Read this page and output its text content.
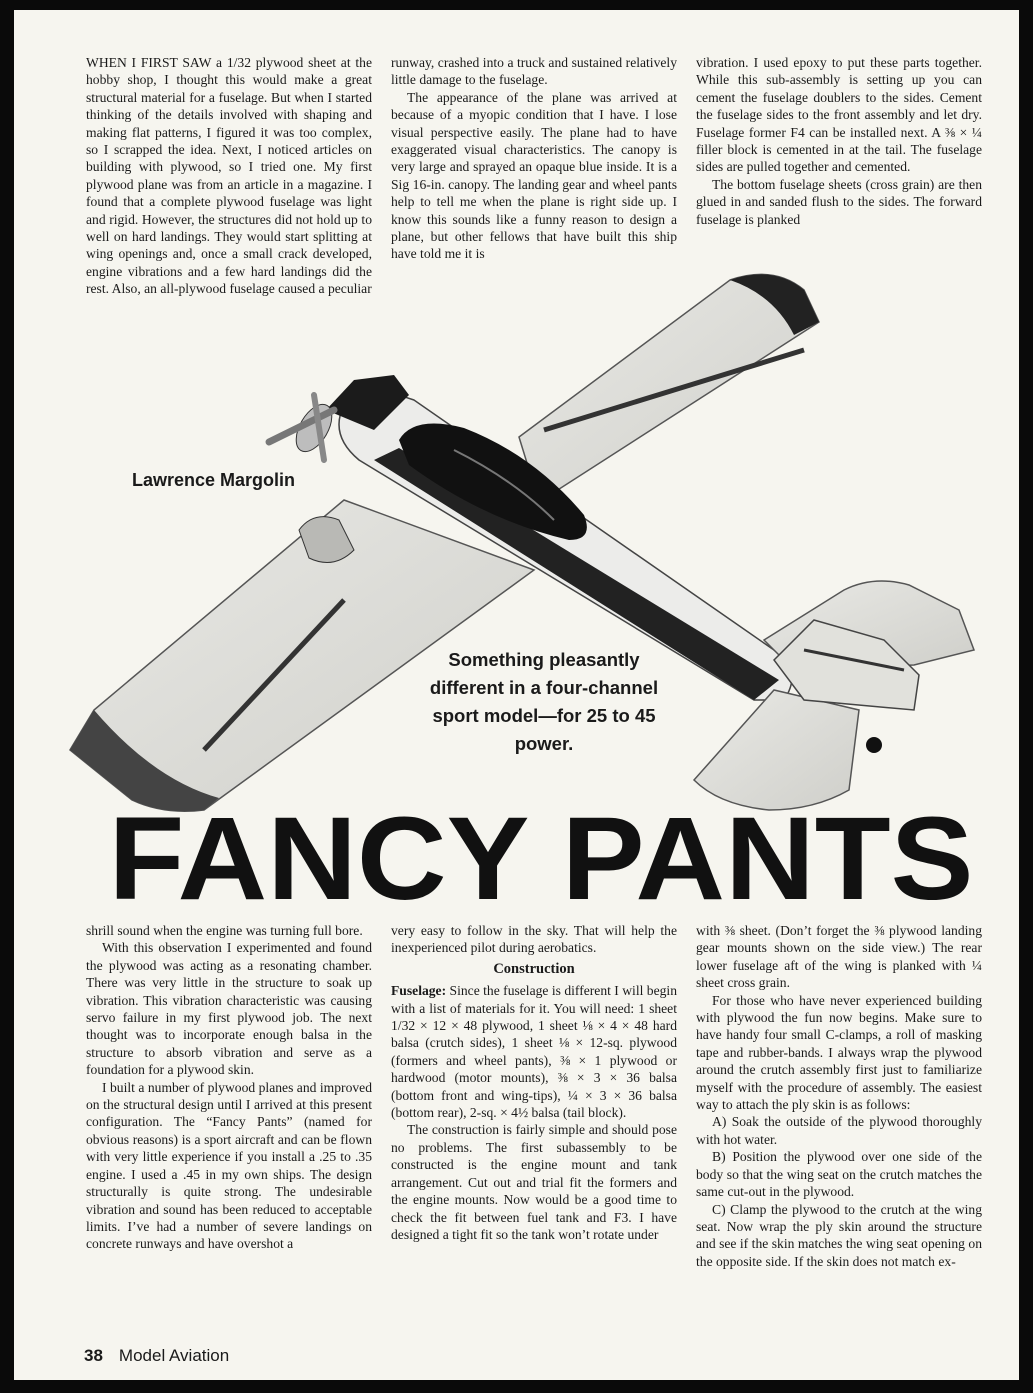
WHEN I FIRST SAW a 1/32 plywood sheet at the hobby shop, I thought this would make a great structural material for a fuselage. But when I started thinking of the details involved with shaping and making flat patterns, I figured it was too complex, so I scrapped the idea. Next, I noticed articles on building with plywood, so I tried one. My first plywood plane was from an article in a magazine. I found that a complete plywood fuselage was light and rigid. However, the structures did not hold up to well on hard landings. They would start splitting at wing openings and, once a small crack developed, engine vibrations and a few hard landings did the rest. Also, an all-plywood fuselage caused a peculiar

runway, crashed into a truck and sustained relatively little damage to the fuselage.

The appearance of the plane was arrived at because of a myopic condition that I have. I lose visual perspective easily. The plane had to have exaggerated visual characteristics. The canopy is very large and sprayed an opaque blue inside. It is a Sig 16-in. canopy. The landing gear and wheel pants help to tell me when the plane is right side up. I know this sounds like a funny reason to design a plane, but other fellows that have built this ship have told me it is

vibration. I used epoxy to put these parts together. While this sub-assembly is setting up you can cement the fuselage doublers to the sides. Cement the fuselage sides to the front assembly and let dry. Fuselage former F4 can be installed next. A ⅜ × ¼ filler block is cemented in at the tail. The fuselage sides are pulled together and cemented.

The bottom fuselage sheets (cross grain) are then glued in and sanded flush to the sides. The forward fuselage is planked

Lawrence Margolin
Something pleasantly different in a four-channel sport model—for 25 to 45 power.
FANCY PANTS

shrill sound when the engine was turning full bore.

With this observation I experimented and found the plywood was acting as a resonating chamber. There was very little in the structure to soak up vibration. This vibration characteristic was causing servo failure in my first plywood job. The next thought was to incorporate enough balsa in the structure to absorb vibration and serve as a foundation for a plywood skin.

I built a number of plywood planes and improved on the structural design until I arrived at this present configuration. The “Fancy Pants” (named for obvious reasons) is a sport aircraft and can be flown with very little experience if you install a .25 to .35 engine. I used a .45 in my own ships. The design structurally is quite strong. The undesirable vibration and sound has been reduced to acceptable limits. I’ve had a number of severe landings on concrete runways and have overshot a

very easy to follow in the sky. That will help the inexperienced pilot during aerobatics.

Construction

Fuselage: Since the fuselage is different I will begin with a list of materials for it. You will need: 1 sheet 1/32 × 12 × 48 plywood, 1 sheet ⅛ × 4 × 48 hard balsa (crutch sides), 1 sheet ⅛ × 12-sq. plywood (formers and wheel pants), ⅜ × 1 plywood or hardwood (motor mounts), ⅜ × 3 × 36 balsa (bottom front and wing-tips), ¼ × 3 × 36 balsa (bottom rear), 2-sq. × 4½ balsa (tail block).

The construction is fairly simple and should pose no problems. The first subassembly to be constructed is the engine mount and tank arrangement. Cut out and trial fit the formers and the engine mounts. Now would be a good time to check the fit between fuel tank and F3. I have designed a tight fit so the tank won’t rotate under

with ⅜ sheet. (Don’t forget the ⅜ plywood landing gear mounts shown on the side view.) The rear lower fuselage aft of the wing is planked with ¼ sheet cross grain.

For those who have never experienced building with plywood the fun now begins. Make sure to have handy four small C-clamps, a roll of masking tape and rubber-bands. I always wrap the plywood around the crutch assembly first just to familiarize myself with the procedure of assembly. The easiest way to attach the ply skin is as follows:

A) Soak the outside of the plywood thoroughly with hot water.

B) Position the plywood over one side of the body so that the wing seat on the crutch matches the same cut-out in the plywood.

C) Clamp the plywood to the crutch at the wing seat. Now wrap the ply skin around the structure and see if the skin matches the wing seat opening on the opposite side. If the skin does not match ex-

38 Model Aviation
